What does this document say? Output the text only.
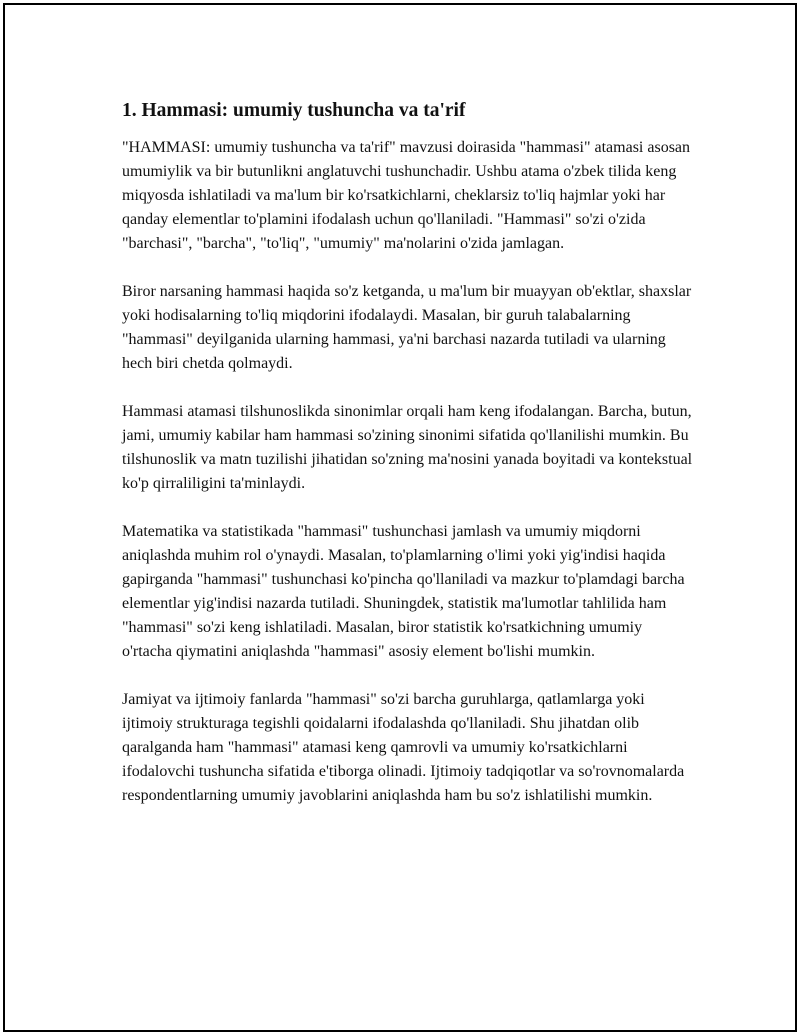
1. Hammasi: umumiy tushuncha va ta'rif

"HAMMASI: umumiy tushuncha va ta'rif" mavzusi doirasida "hammasi" atamasi asosan umumiylik va bir butunlikni anglatuvchi tushunchadir. Ushbu atama o'zbek tilida keng miqyosda ishlatiladi va ma'lum bir ko'rsatkichlarni, cheklarsiz to'liq hajmlar yoki har qanday elementlar to'plamini ifodalash uchun qo'llaniladi. "Hammasi" so'zi o'zida "barchasi", "barcha", "to'liq", "umumiy" ma'nolarini o'zida jamlagan.

Biror narsaning hammasi haqida so'z ketganda, u ma'lum bir muayyan ob'ektlar, shaxslar yoki hodisalarning to'liq miqdorini ifodalaydi. Masalan, bir guruh talabalarning "hammasi" deyilganida ularning hammasi, ya'ni barchasi nazarda tutiladi va ularning hech biri chetda qolmaydi.

Hammasi atamasi tilshunoslikda sinonimlar orqali ham keng ifodalangan. Barcha, butun, jami, umumiy kabilar ham hammasi so'zining sinonimi sifatida qo'llanilishi mumkin. Bu tilshunoslik va matn tuzilishi jihatidan so'zning ma'nosini yanada boyitadi va kontekstual ko'p qirraliligini ta'minlaydi.

Matematika va statistikada "hammasi" tushunchasi jamlash va umumiy miqdorni aniqlashda muhim rol o'ynaydi. Masalan, to'plamlarning o'limi yoki yig'indisi haqida gapirganda "hammasi" tushunchasi ko'pincha qo'llaniladi va mazkur to'plamdagi barcha elementlar yig'indisi nazarda tutiladi. Shuningdek, statistik ma'lumotlar tahlilida ham "hammasi" so'zi keng ishlatiladi. Masalan, biror statistik ko'rsatkichning umumiy o'rtacha qiymatini aniqlashda "hammasi" asosiy element bo'lishi mumkin.

Jamiyat va ijtimoiy fanlarda "hammasi" so'zi barcha guruhlarga, qatlamlarga yoki ijtimoiy strukturaga tegishli qoidalarni ifodalashda qo'llaniladi. Shu jihatdan olib qaralganda ham "hammasi" atamasi keng qamrovli va umumiy ko'rsatkichlarni ifodalovchi tushuncha sifatida e'tiborga olinadi. Ijtimoiy tadqiqotlar va so'rovnomalarda respondentlarning umumiy javoblarini aniqlashda ham bu so'z ishlatilishi mumkin.
